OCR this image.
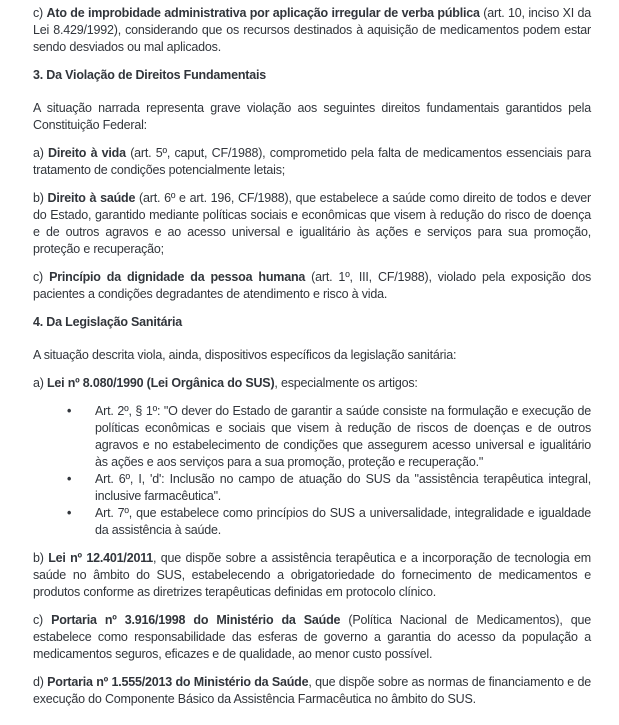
c) Ato de improbidade administrativa por aplicação irregular de verba pública (art. 10, inciso XI da Lei 8.429/1992), considerando que os recursos destinados à aquisição de medicamentos podem estar sendo desviados ou mal aplicados.

3. Da Violação de Direitos Fundamentais

A situação narrada representa grave violação aos seguintes direitos fundamentais garantidos pela Constituição Federal:

a) Direito à vida (art. 5º, caput, CF/1988), comprometido pela falta de medicamentos essenciais para tratamento de condições potencialmente letais;

b) Direito à saúde (art. 6º e art. 196, CF/1988), que estabelece a saúde como direito de todos e dever do Estado, garantido mediante políticas sociais e econômicas que visem à redução do risco de doença e de outros agravos e ao acesso universal e igualitário às ações e serviços para sua promoção, proteção e recuperação;

c) Princípio da dignidade da pessoa humana (art. 1º, III, CF/1988), violado pela exposição dos pacientes a condições degradantes de atendimento e risco à vida.

4. Da Legislação Sanitária

A situação descrita viola, ainda, dispositivos específicos da legislação sanitária:

a) Lei nº 8.080/1990 (Lei Orgânica do SUS), especialmente os artigos:

• Art. 2º, § 1º: "O dever do Estado de garantir a saúde consiste na formulação e execução de políticas econômicas e sociais que visem à redução de riscos de doenças e de outros agravos e no estabelecimento de condições que assegurem acesso universal e igualitário às ações e aos serviços para a sua promoção, proteção e recuperação."
• Art. 6º, I, 'd': Inclusão no campo de atuação do SUS da "assistência terapêutica integral, inclusive farmacêutica".
• Art. 7º, que estabelece como princípios do SUS a universalidade, integralidade e igualdade da assistência à saúde.

b) Lei nº 12.401/2011, que dispõe sobre a assistência terapêutica e a incorporação de tecnologia em saúde no âmbito do SUS, estabelecendo a obrigatoriedade do fornecimento de medicamentos e produtos conforme as diretrizes terapêuticas definidas em protocolo clínico.

c) Portaria nº 3.916/1998 do Ministério da Saúde (Política Nacional de Medicamentos), que estabelece como responsabilidade das esferas de governo a garantia do acesso da população a medicamentos seguros, eficazes e de qualidade, ao menor custo possível.

d) Portaria nº 1.555/2013 do Ministério da Saúde, que dispõe sobre as normas de financiamento e de execução do Componente Básico da Assistência Farmacêutica no âmbito do SUS.
